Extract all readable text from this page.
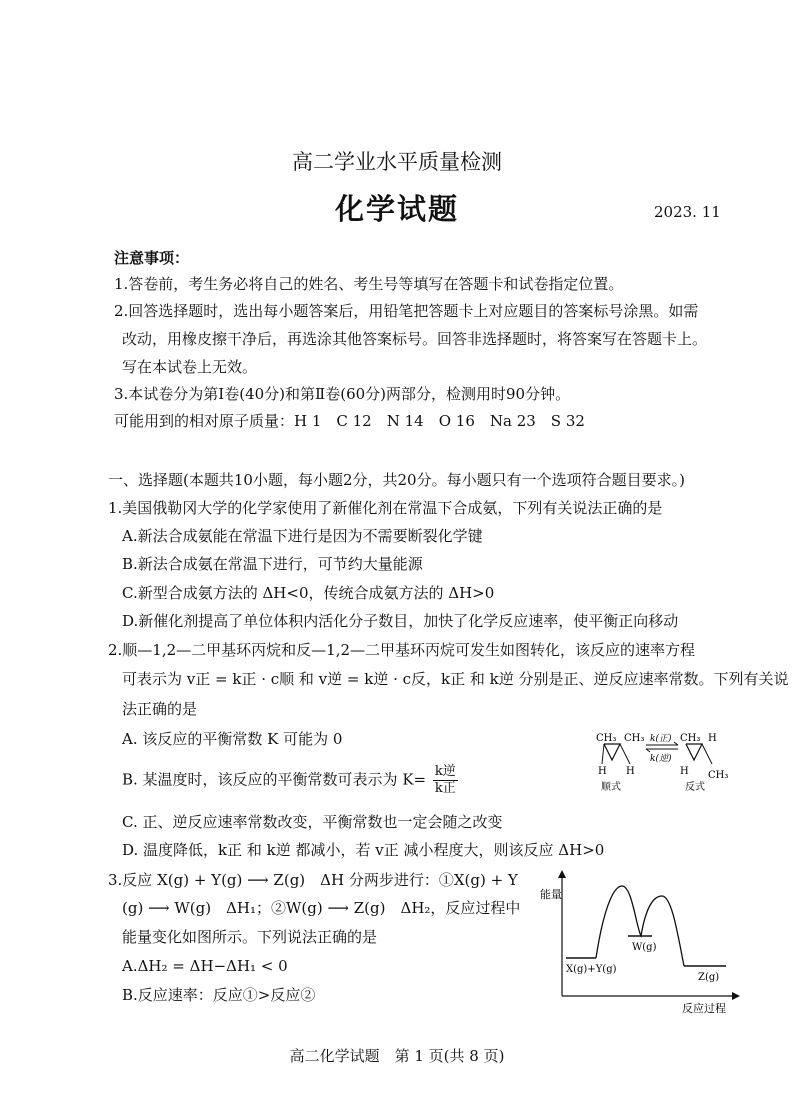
高二学业水平质量检测
化学试题	2023. 11
注意事项：
1.答卷前，考生务必将自己的姓名、考生号等填写在答题卡和试卷指定位置。
2.回答选择题时，选出每小题答案后，用铅笔把答题卡上对应题目的答案标号涂黑。如需
改动，用橡皮擦干净后，再选涂其他答案标号。回答非选择题时，将答案写在答题卡上。
写在本试卷上无效。
3.本试卷分为第Ⅰ卷(40分)和第Ⅱ卷(60分)两部分，检测用时90分钟。
可能用到的相对原子质量：H 1　C 12　N 14　O 16　Na 23　S 32
一、选择题(本题共10小题，每小题2分，共20分。每小题只有一个选项符合题目要求。)
1.美国俄勒冈大学的化学家使用了新催化剂在常温下合成氨，下列有关说法正确的是
A.新法合成氨能在常温下进行是因为不需要断裂化学键
B.新法合成氨在常温下进行，可节约大量能源
C.新型合成氨方法的 ΔH<0，传统合成氨方法的 ΔH>0
D.新催化剂提高了单位体积内活化分子数目，加快了化学反应速率，使平衡正向移动
2.顺—1,2—二甲基环丙烷和反—1,2—二甲基环丙烷可发生如图转化，该反应的速率方程
可表示为 v正 = k正 · c顺 和 v逆 = k逆 · c反，k正 和 k逆 分别是正、逆反应速率常数。下列有关说
法正确的是
A. 该反应的平衡常数 K 可能为 0
B. 某温度时，该反应的平衡常数可表示为 $K= \frac{\text{k逆}}{\text{k正}}$
C. 正、逆反应速率常数改变，平衡常数也一定会随之改变
D. 温度降低，k正 和 k逆 都减小，若 v正 减小程度大，则该反应 ΔH>0
CH₃ CH₃
H H
顺式
k(正)
k(逆)
CH₃ H
H CH₃
反式
3.反应 X(g) + Y(g) ⟶ Z(g)　ΔH 分两步进行：①X(g) + Y
(g) ⟶ W(g)　ΔH₁；②W(g) ⟶ Z(g)　ΔH₂，反应过程中
能量变化如图所示。下列说法正确的是
A.ΔH₂ = ΔH−ΔH₁ < 0
B.反应速率：反应①>反应②
能量
X(g)+Y(g)
W(g)
Z(g)
反应过程
高二化学试题　第 1 页(共 8 页)
